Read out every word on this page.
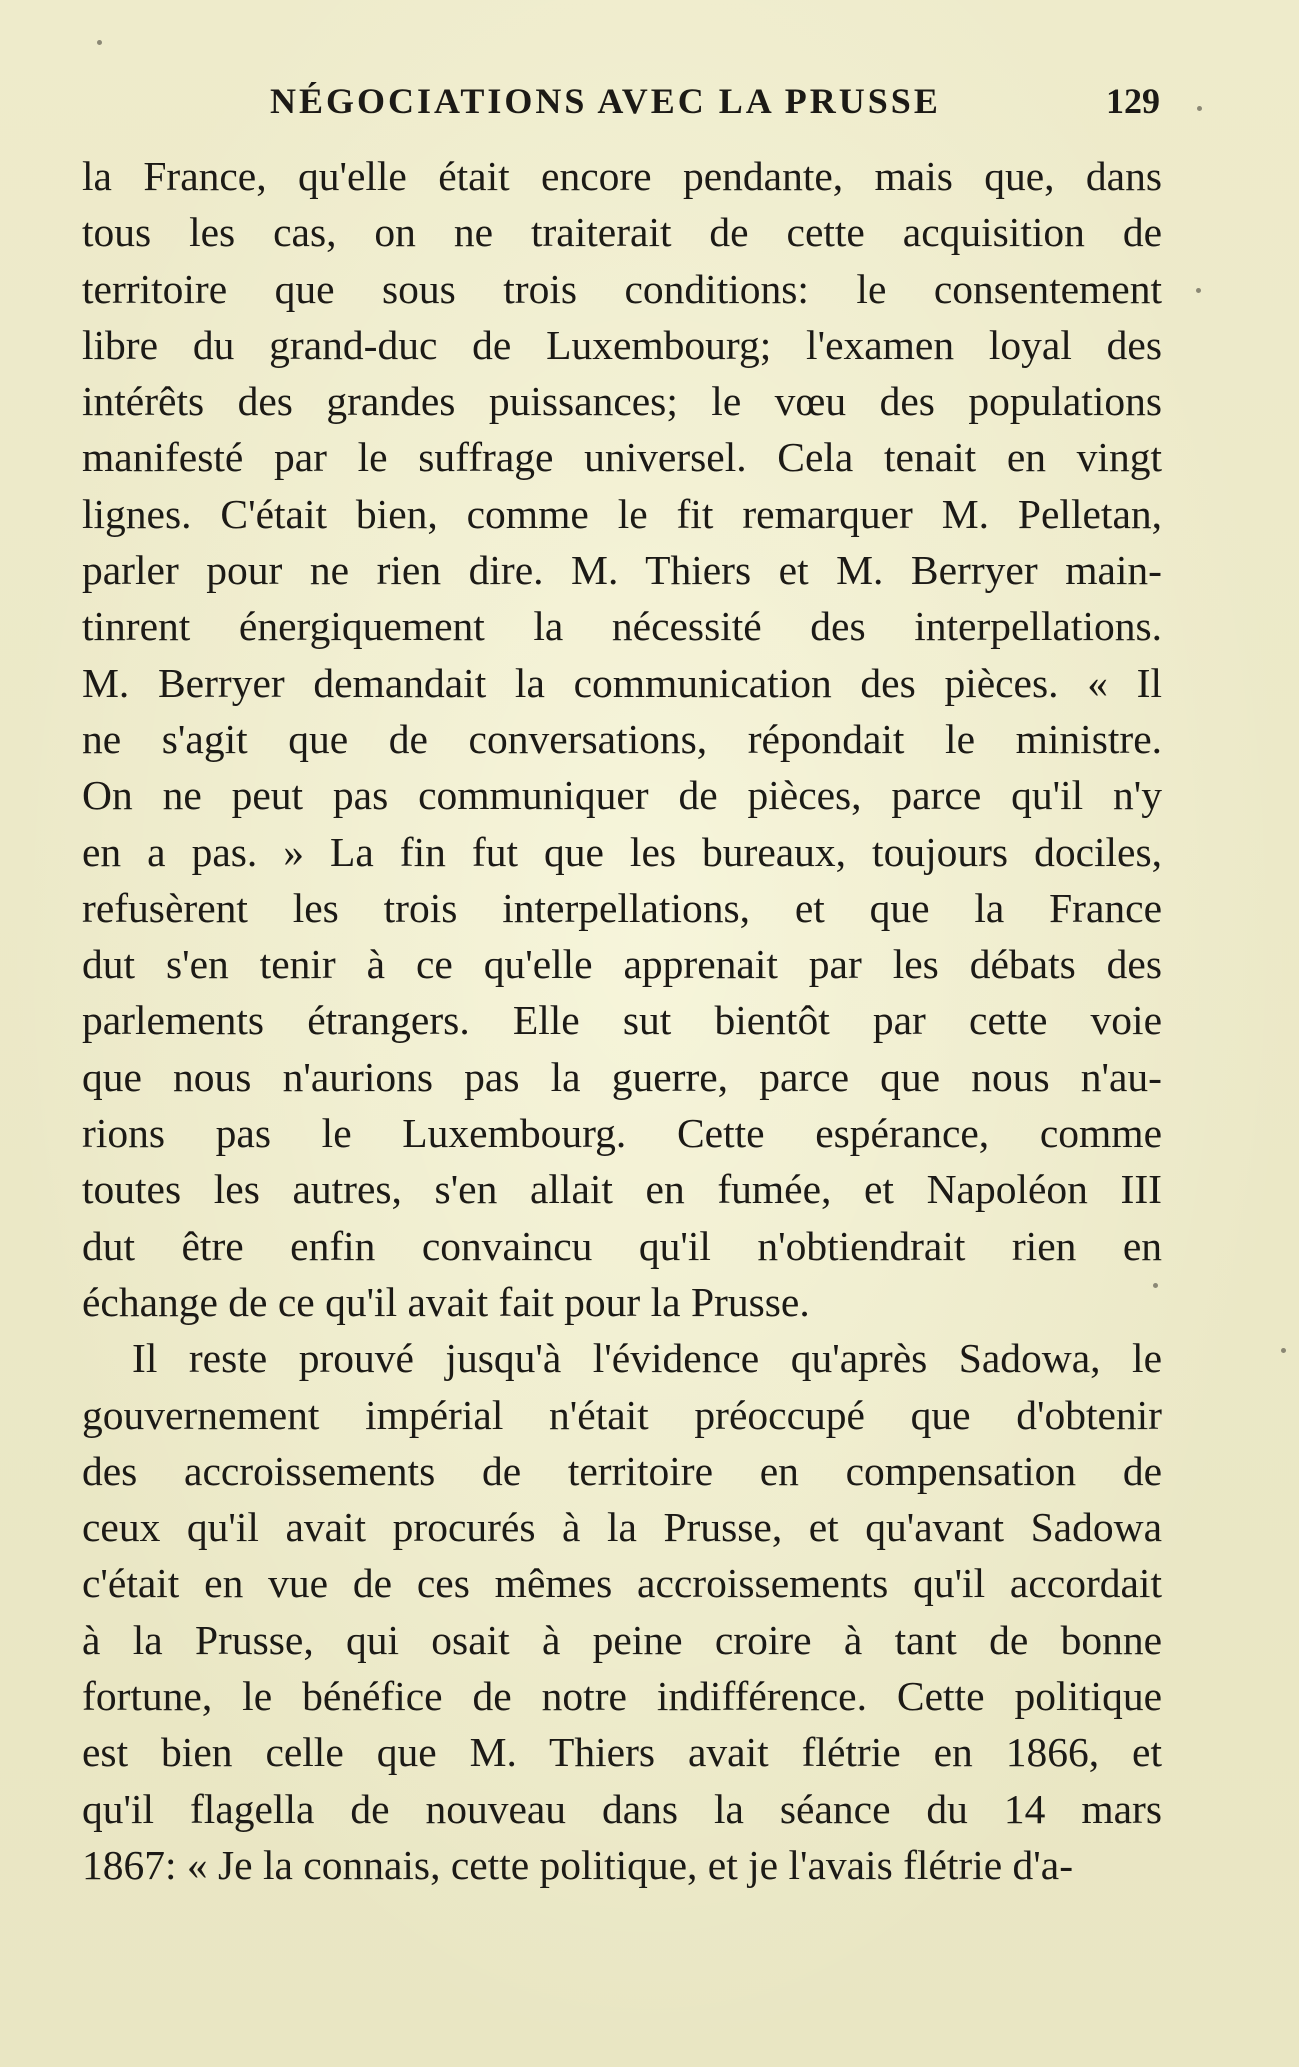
NÉGOCIATIONS AVEC LA PRUSSE	129
la France, qu'elle était encore pendante, mais que, dans
tous les cas, on ne traiterait de cette acquisition de
territoire que sous trois conditions: le consentement
libre du grand-duc de Luxembourg; l'examen loyal des
intérêts des grandes puissances; le vœu des populations
manifesté par le suffrage universel. Cela tenait en vingt
lignes. C'était bien, comme le fit remarquer M. Pelletan,
parler pour ne rien dire. M. Thiers et M. Berryer main-
tinrent énergiquement la nécessité des interpellations.
M. Berryer demandait la communication des pièces. « Il
ne s'agit que de conversations, répondait le ministre.
On ne peut pas communiquer de pièces, parce qu'il n'y
en a pas. » La fin fut que les bureaux, toujours dociles,
refusèrent les trois interpellations, et que la France
dut s'en tenir à ce qu'elle apprenait par les débats des
parlements étrangers. Elle sut bientôt par cette voie
que nous n'aurions pas la guerre, parce que nous n'au-
rions pas le Luxembourg. Cette espérance, comme
toutes les autres, s'en allait en fumée, et Napoléon III
dut être enfin convaincu qu'il n'obtiendrait rien en
échange de ce qu'il avait fait pour la Prusse.
Il reste prouvé jusqu'à l'évidence qu'après Sadowa, le
gouvernement impérial n'était préoccupé que d'obtenir
des accroissements de territoire en compensation de
ceux qu'il avait procurés à la Prusse, et qu'avant Sadowa
c'était en vue de ces mêmes accroissements qu'il accordait
à la Prusse, qui osait à peine croire à tant de bonne
fortune, le bénéfice de notre indifférence. Cette politique
est bien celle que M. Thiers avait flétrie en 1866, et
qu'il flagella de nouveau dans la séance du 14 mars
1867: « Je la connais, cette politique, et je l'avais flétrie d'a-
